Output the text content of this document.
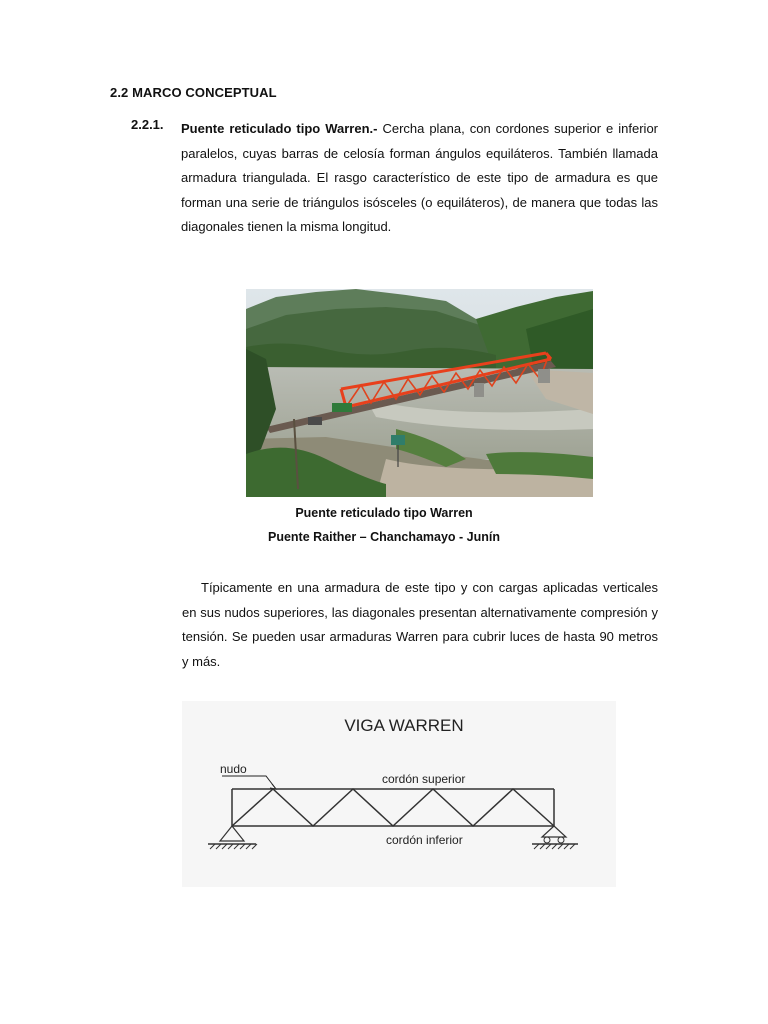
2.2 MARCO CONCEPTUAL
2.2.1. Puente reticulado tipo Warren.- Cercha plana, con cordones superior e inferior paralelos, cuyas barras de celosía forman ángulos equiláteros. También llamada armadura triangulada. El rasgo característico de este tipo de armadura es que forman una serie de triángulos isósceles (o equiláteros), de manera que todas las diagonales tienen la misma longitud.
Puente reticulado tipo Warren
Puente Raither – Chanchamayo - Junín
Típicamente en una armadura de este tipo y con cargas aplicadas verticales en sus nudos superiores, las diagonales presentan alternativamente compresión y tensión. Se pueden usar armaduras Warren para cubrir luces de hasta 90 metros y más.
VIGA WARREN
nudo
cordón superior
cordón inferior
